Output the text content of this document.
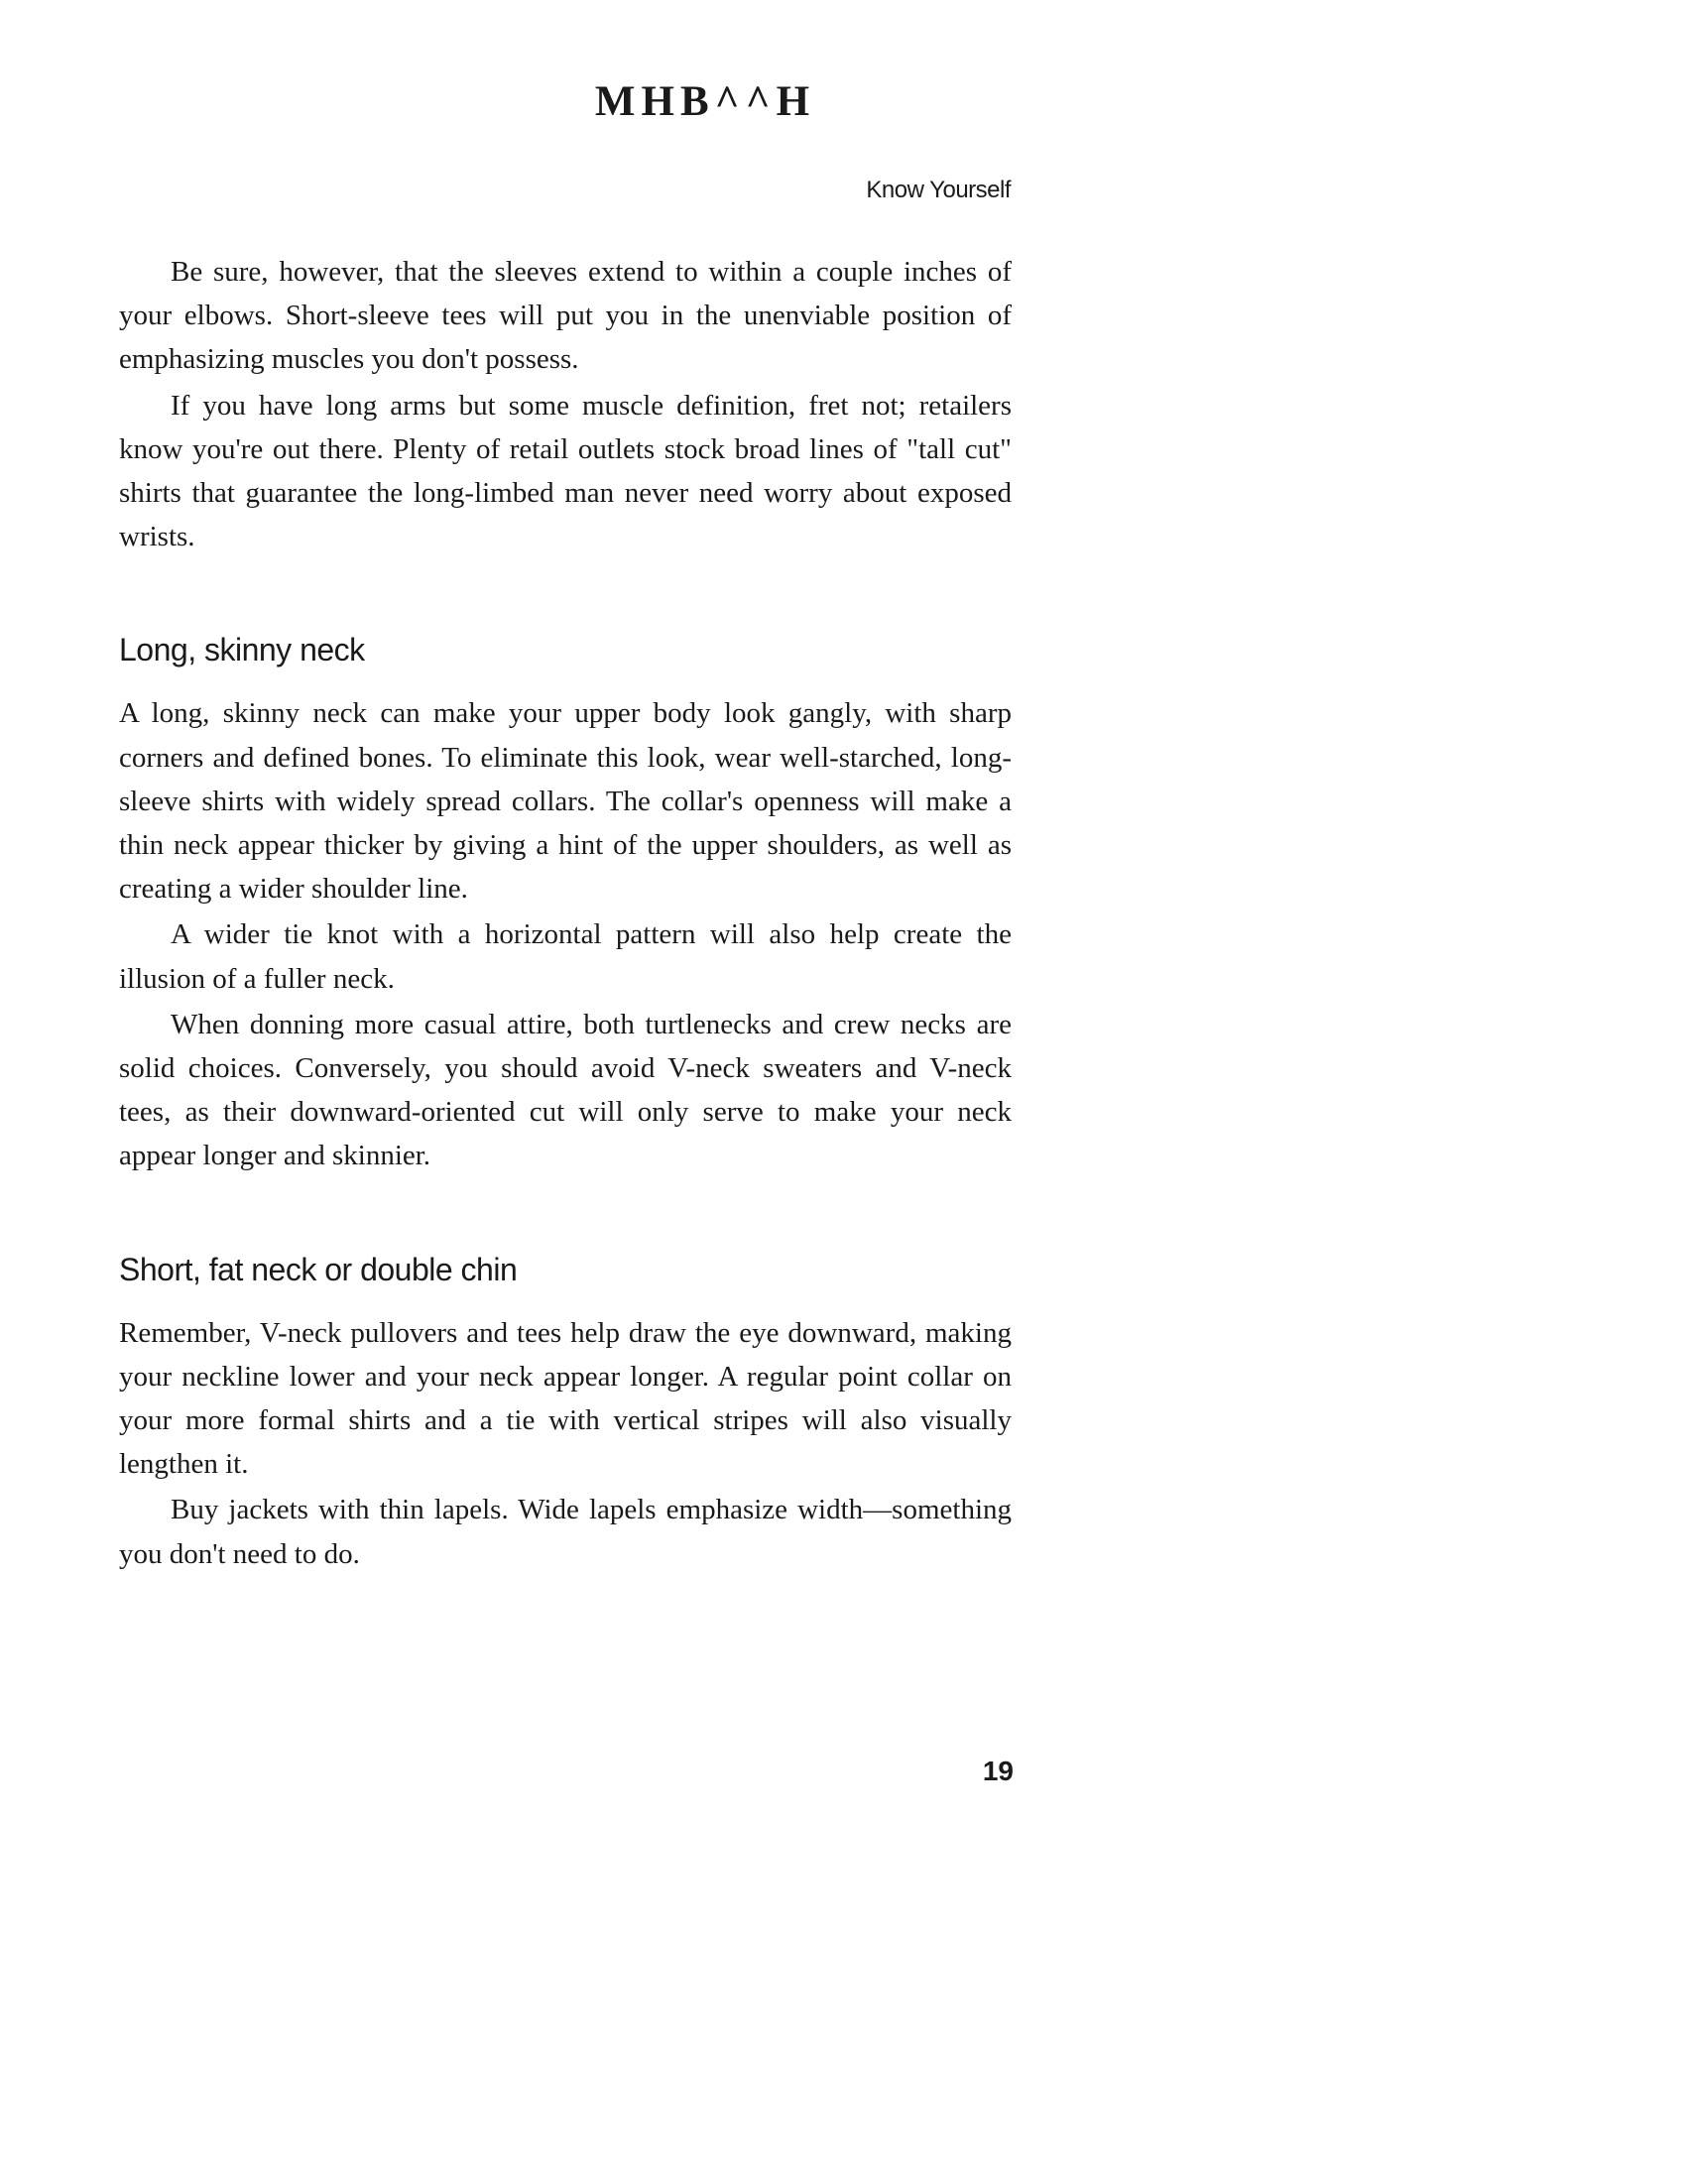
MHB^^H
Know Yourself

Be sure, however, that the sleeves extend to within a couple inches of your elbows. Short-sleeve tees will put you in the unenviable position of emphasizing muscles you don't possess.

If you have long arms but some muscle definition, fret not; retailers know you're out there. Plenty of retail outlets stock broad lines of "tall cut" shirts that guarantee the long-limbed man never need worry about exposed wrists.

Long, skinny neck

A long, skinny neck can make your upper body look gangly, with sharp corners and defined bones. To eliminate this look, wear well-starched, long-sleeve shirts with widely spread collars. The collar's openness will make a thin neck appear thicker by giving a hint of the upper shoulders, as well as creating a wider shoulder line.

A wider tie knot with a horizontal pattern will also help create the illusion of a fuller neck.

When donning more casual attire, both turtlenecks and crew necks are solid choices. Conversely, you should avoid V-neck sweaters and V-neck tees, as their downward-oriented cut will only serve to make your neck appear longer and skinnier.

Short, fat neck or double chin

Remember, V-neck pullovers and tees help draw the eye downward, making your neckline lower and your neck appear longer. A regular point collar on your more formal shirts and a tie with vertical stripes will also visually lengthen it.

Buy jackets with thin lapels. Wide lapels emphasize width—something you don't need to do.

19
